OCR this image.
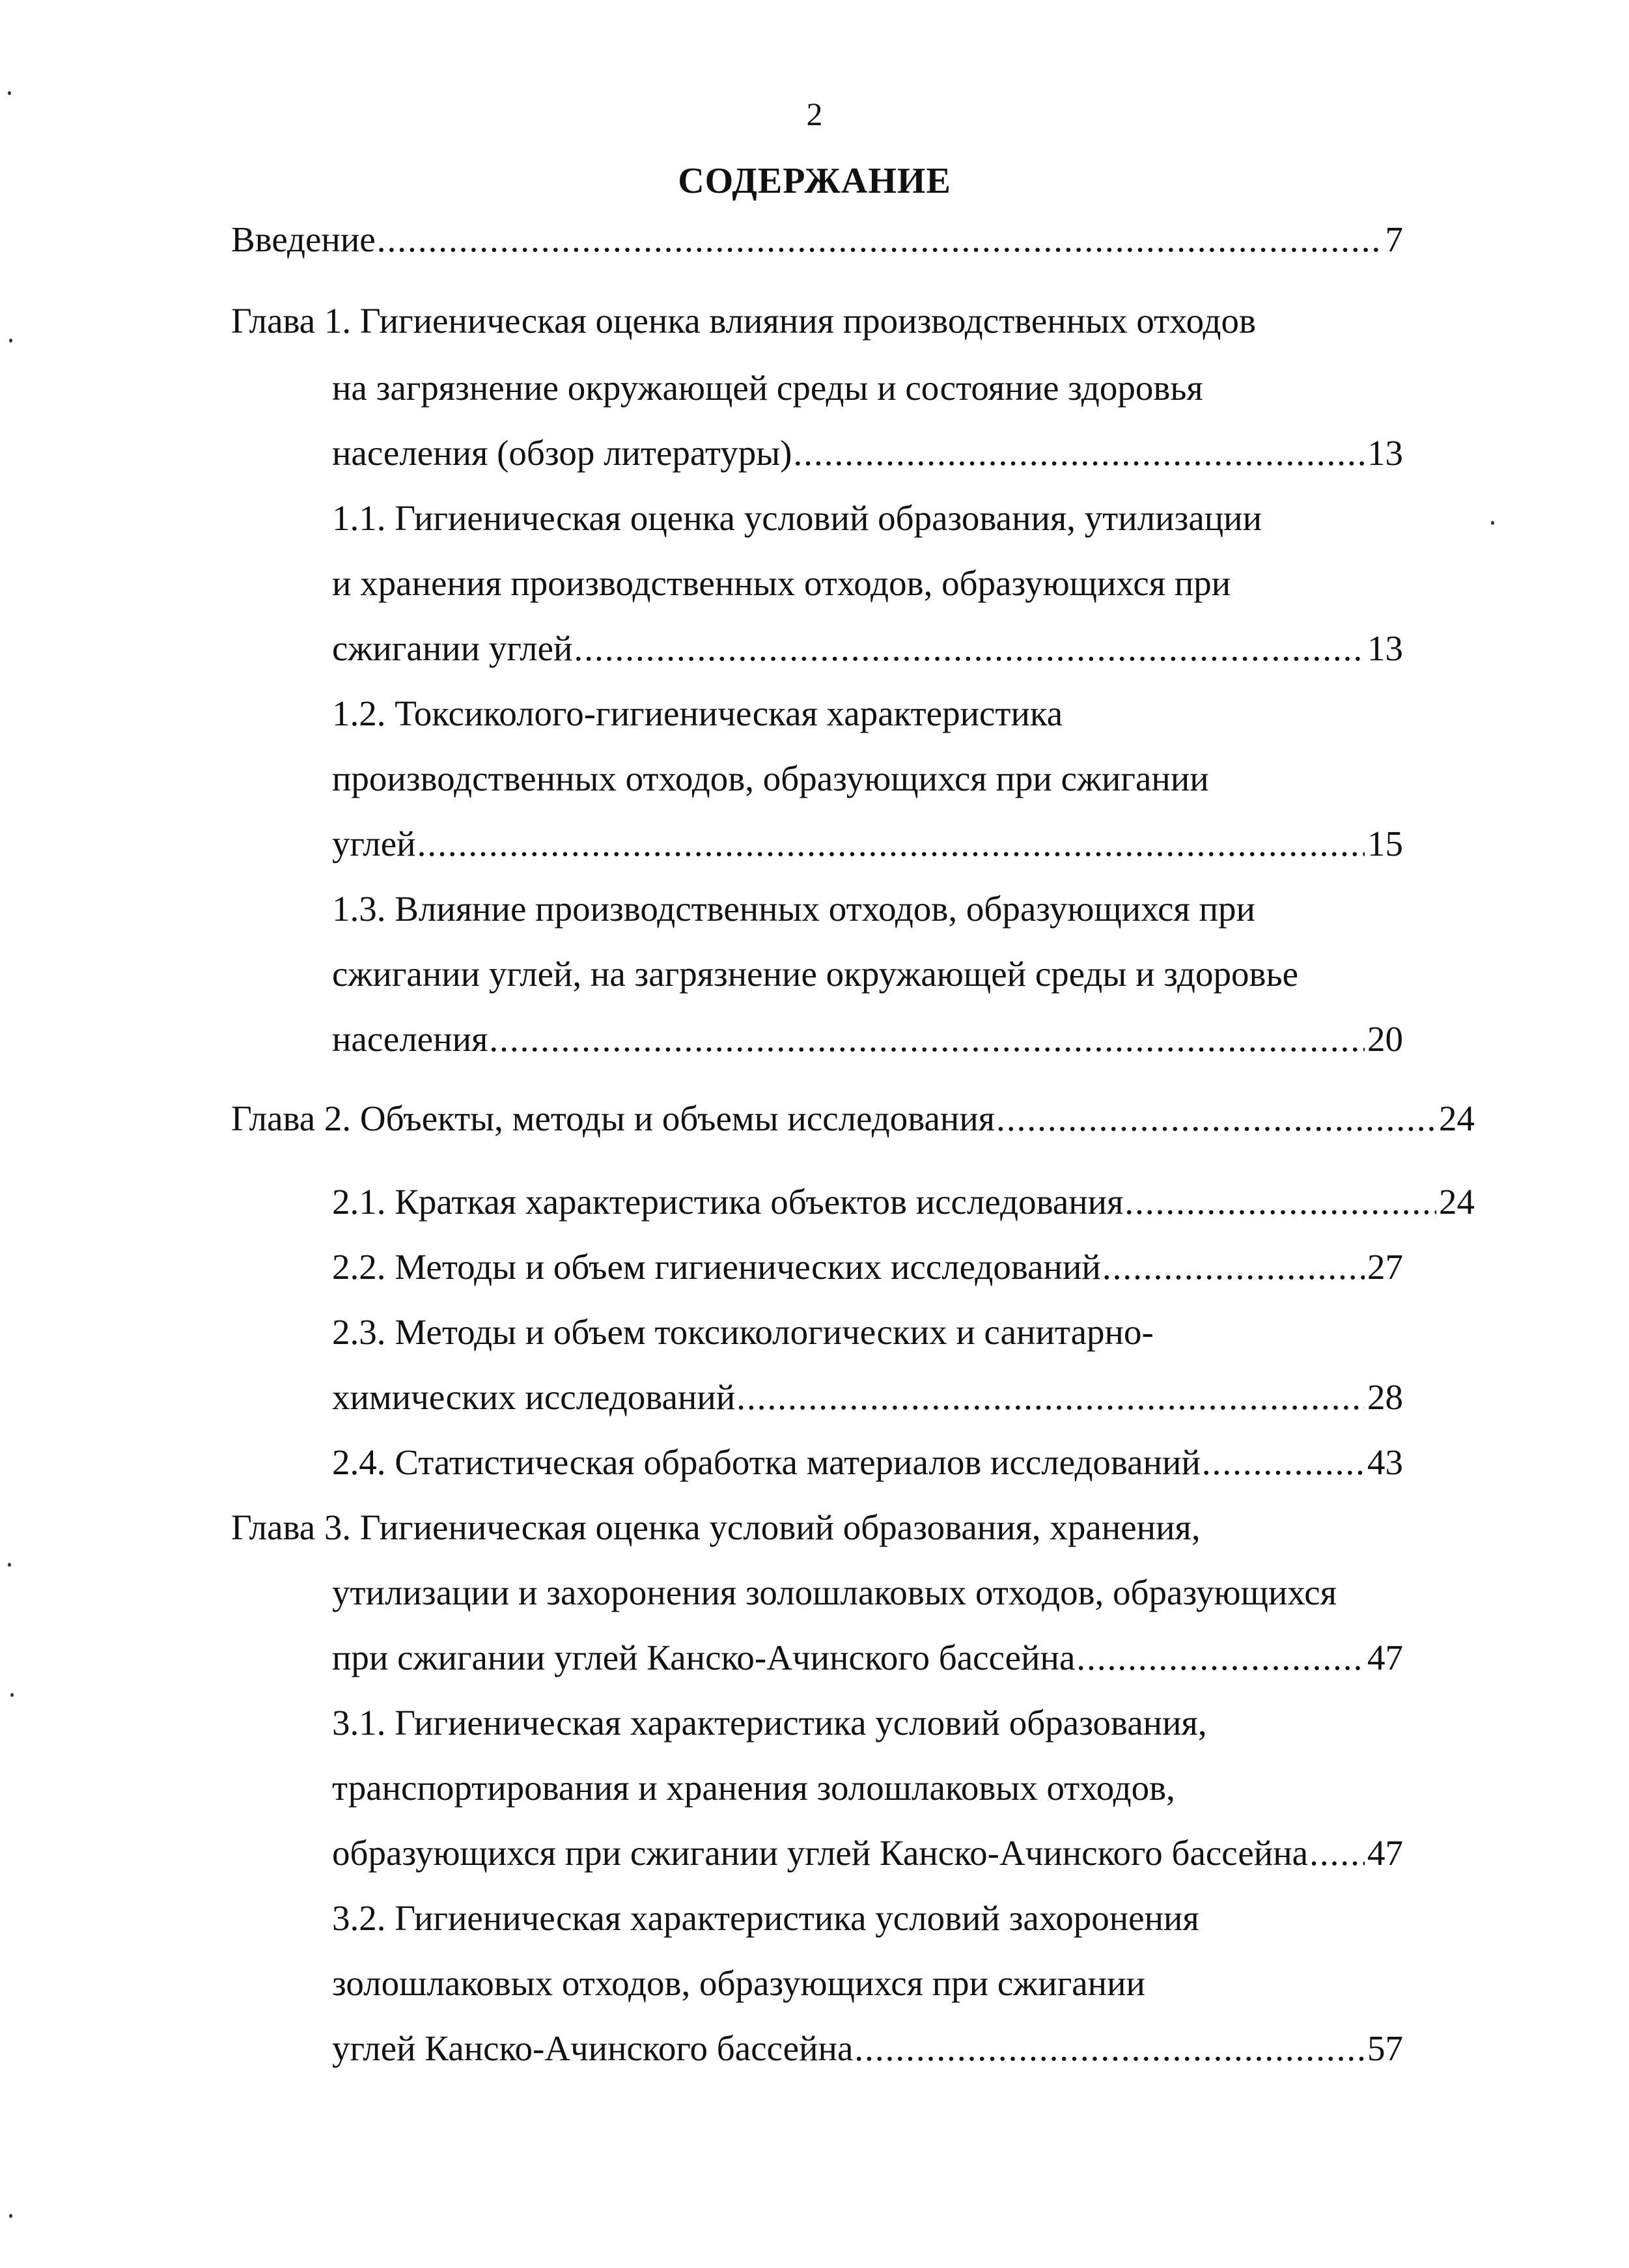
2
СОДЕРЖАНИЕ
Введение .....	7
Глава 1. Гигиеническая оценка влияния производственных отходов
на загрязнение окружающей среды и состояние здоровья
населения (обзор литературы) .....	13
1.1. Гигиеническая оценка условий образования, утилизации
и хранения производственных отходов, образующихся при
сжигании углей .....	13
1.2. Токсиколого-гигиеническая характеристика
производственных отходов, образующихся при сжигании
углей .....	15
1.3. Влияние производственных отходов, образующихся при
сжигании углей, на загрязнение окружающей среды и здоровье
населения .....	20
Глава 2. Объекты, методы и объемы исследования .....	24
2.1. Краткая характеристика объектов исследования .....	24
2.2. Методы и объем гигиенических исследований .....	27
2.3. Методы и объем токсикологических и санитарно-
химических исследований .....	28
2.4. Статистическая обработка материалов исследований .....	43
Глава 3. Гигиеническая оценка условий образования, хранения,
утилизации и захоронения золошлаковых отходов, образующихся
при сжигании углей Канско-Ачинского бассейна .....	47
3.1. Гигиеническая характеристика условий образования,
транспортирования и хранения золошлаковых отходов,
образующихся при сжигании углей Канско-Ачинского бассейна ..... 47
3.2. Гигиеническая характеристика условий захоронения
золошлаковых отходов, образующихся при сжигании
углей Канско-Ачинского бассейна .....	57
